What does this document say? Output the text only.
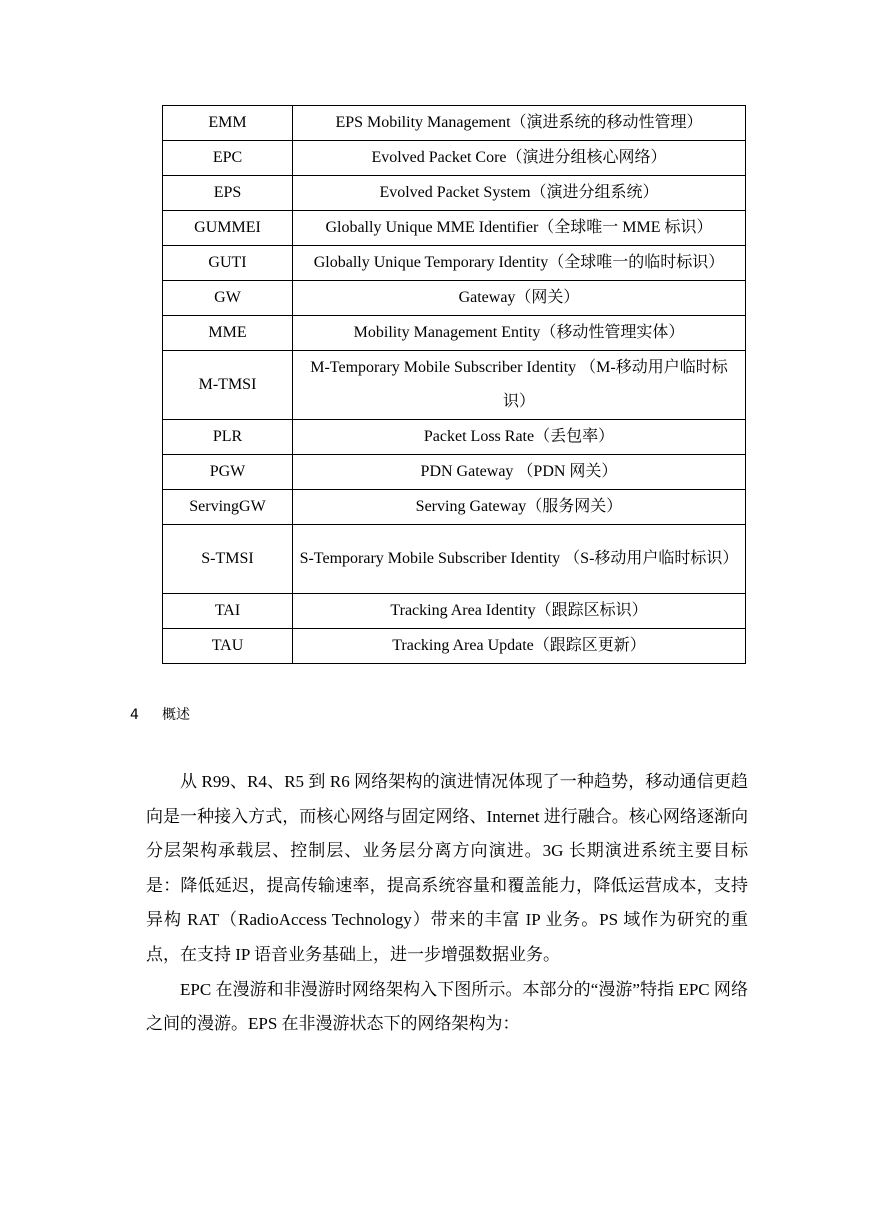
EMM	EPS Mobility Management（演进系统的移动性管理）
EPC	Evolved Packet Core（演进分组核心网络）
EPS	Evolved Packet System（演进分组系统）
GUMMEI	Globally Unique MME Identifier（全球唯一 MME 标识）
GUTI	Globally Unique Temporary Identity（全球唯一的临时标识）
GW	Gateway（网关）
MME	Mobility Management Entity（移动性管理实体）
M-TMSI	M-Temporary Mobile Subscriber Identity （M-移动用户临时标识）
PLR	Packet Loss Rate（丢包率）
PGW	PDN Gateway （PDN 网关）
ServingGW	Serving Gateway（服务网关）
S-TMSI	S-Temporary Mobile Subscriber Identity （S-移动用户临时标识）
TAI	Tracking Area Identity（跟踪区标识）
TAU	Tracking Area Update（跟踪区更新）
4 概述

从 R99、R4、R5 到 R6 网络架构的演进情况体现了一种趋势，移动通信更趋向是一种接入方式，而核心网络与固定网络、Internet 进行融合。核心网络逐渐向分层架构承载层、控制层、业务层分离方向演进。3G 长期演进系统主要目标是：降低延迟，提高传输速率，提高系统容量和覆盖能力，降低运营成本，支持异构 RAT（RadioAccess Technology）带来的丰富 IP 业务。PS 域作为研究的重点，在支持 IP 语音业务基础上，进一步增强数据业务。

EPC 在漫游和非漫游时网络架构入下图所示。本部分的“漫游”特指 EPC 网络之间的漫游。EPS 在非漫游状态下的网络架构为：
